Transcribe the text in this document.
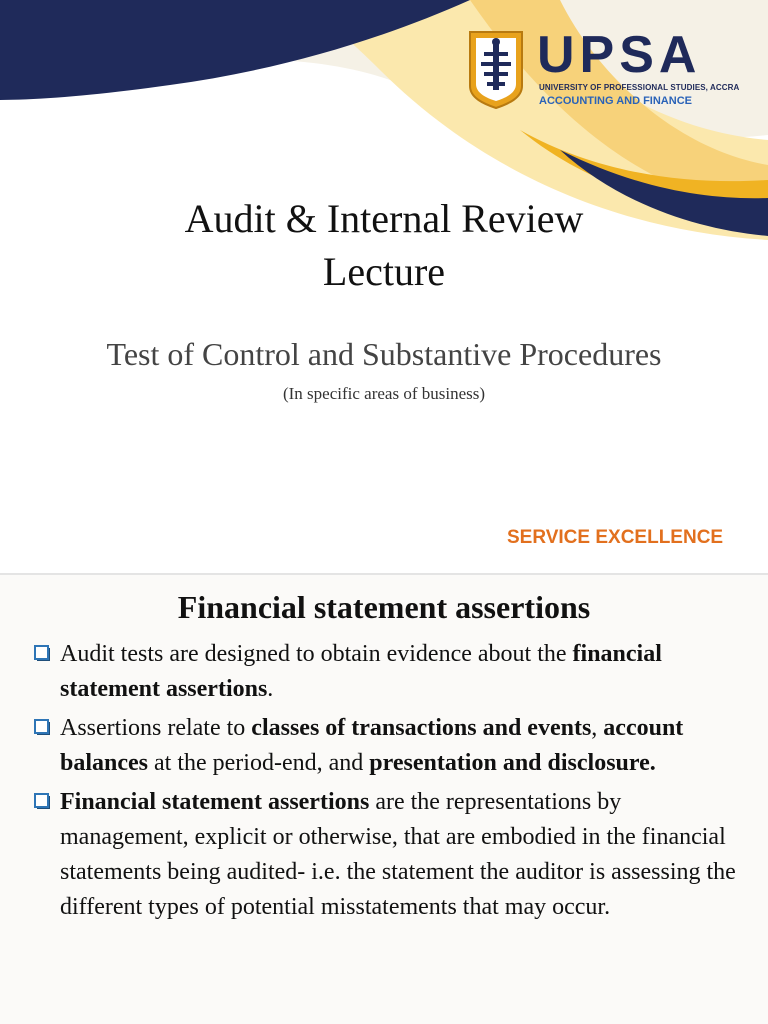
UPSA
UNIVERSITY OF PROFESSIONAL STUDIES, ACCRA
ACCOUNTING AND FINANCE
Audit & Internal Review
Lecture
Test of Control and Substantive Procedures
(In specific areas of business)
SERVICE EXCELLENCE
Financial statement assertions
Audit tests are designed to obtain evidence about the financial statement assertions.
Assertions relate to classes of transactions and events, account balances at the period-end, and presentation and disclosure.
Financial statement assertions are the representations by management, explicit or otherwise, that are embodied in the financial statements being audited- i.e. the statement the auditor is assessing the different types of potential misstatements that may occur.
